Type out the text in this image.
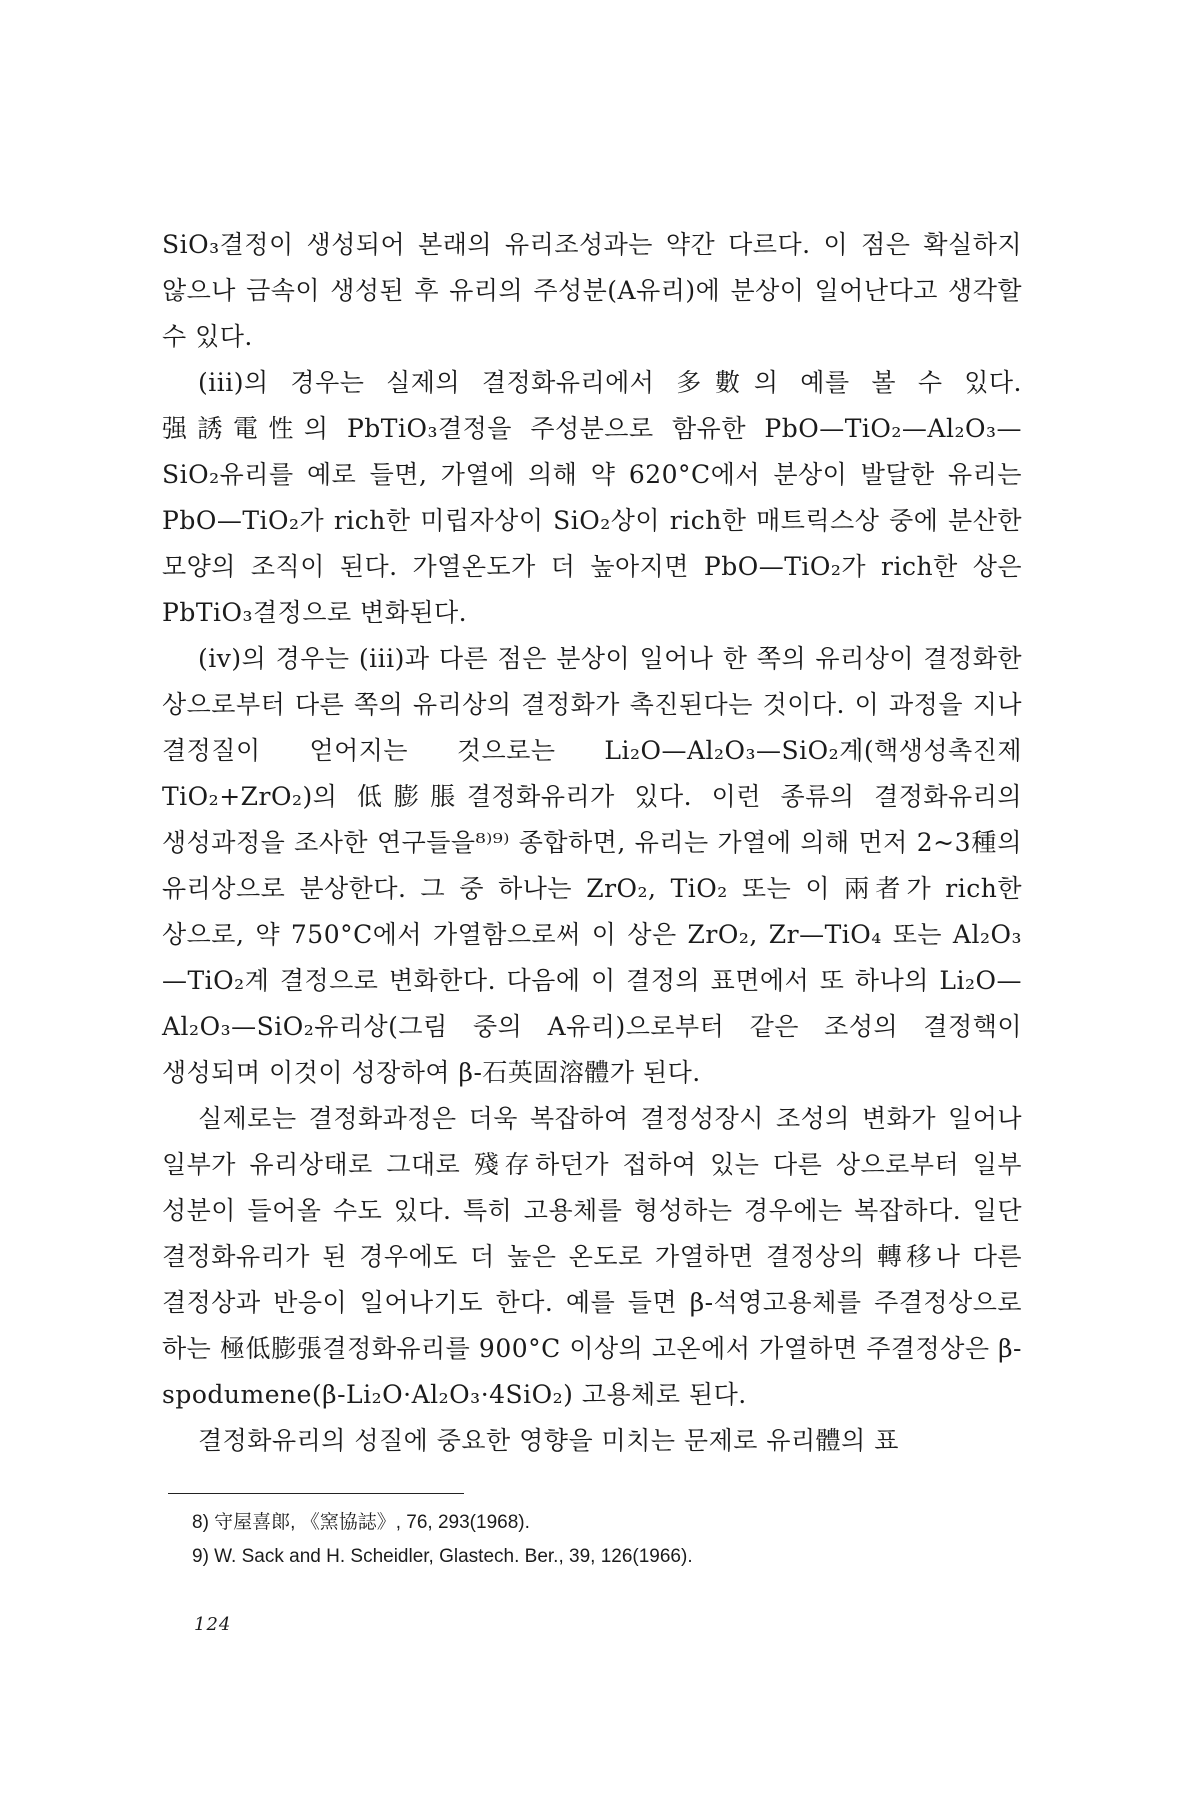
SiO₃결정이 생성되어 본래의 유리조성과는 약간 다르다. 이 점은 확실하지 않으나 금속이 생성된 후 유리의 주성분(A유리)에 분상이 일어난다고 생각할 수 있다.

(iii)의 경우는 실제의 결정화유리에서 多數의 예를 볼 수 있다. 强誘電性의 PbTiO₃결정을 주성분으로 함유한 PbO—TiO₂—Al₂O₃—SiO₂유리를 예로 들면, 가열에 의해 약 620°C에서 분상이 발달한 유리는 PbO—TiO₂가 rich한 미립자상이 SiO₂상이 rich한 매트릭스상 중에 분산한 모양의 조직이 된다. 가열온도가 더 높아지면 PbO—TiO₂가 rich한 상은 PbTiO₃결정으로 변화된다.

(iv)의 경우는 (iii)과 다른 점은 분상이 일어나 한 쪽의 유리상이 결정화한 상으로부터 다른 쪽의 유리상의 결정화가 촉진된다는 것이다. 이 과정을 지나 결정질이 얻어지는 것으로는 Li₂O—Al₂O₃—SiO₂계(핵생성촉진제 TiO₂+ZrO₂)의 低膨脹결정화유리가 있다. 이런 종류의 결정화유리의 생성과정을 조사한 연구들을⁸⁾⁹⁾ 종합하면, 유리는 가열에 의해 먼저 2~3種의 유리상으로 분상한다. 그 중 하나는 ZrO₂, TiO₂ 또는 이 兩者가 rich한 상으로, 약 750°C에서 가열함으로써 이 상은 ZrO₂, Zr—TiO₄ 또는 Al₂O₃—TiO₂계 결정으로 변화한다. 다음에 이 결정의 표면에서 또 하나의 Li₂O—Al₂O₃—SiO₂유리상(그림 중의 A유리)으로부터 같은 조성의 결정핵이 생성되며 이것이 성장하여 β-石英固溶體가 된다.

실제로는 결정화과정은 더욱 복잡하여 결정성장시 조성의 변화가 일어나 일부가 유리상태로 그대로 殘存하던가 접하여 있는 다른 상으로부터 일부 성분이 들어올 수도 있다. 특히 고용체를 형성하는 경우에는 복잡하다. 일단 결정화유리가 된 경우에도 더 높은 온도로 가열하면 결정상의 轉移나 다른 결정상과 반응이 일어나기도 한다. 예를 들면 β-석영고용체를 주결정상으로 하는 極低膨張결정화유리를 900°C 이상의 고온에서 가열하면 주결정상은 β-spodumene(β-Li₂O·Al₂O₃·4SiO₂) 고용체로 된다.

결정화유리의 성질에 중요한 영향을 미치는 문제로 유리體의 표

8) 守屋喜郞, 《窯協誌》, 76, 293(1968).

9) W. Sack and H. Scheidler, Glastech. Ber., 39, 126(1966).

124
